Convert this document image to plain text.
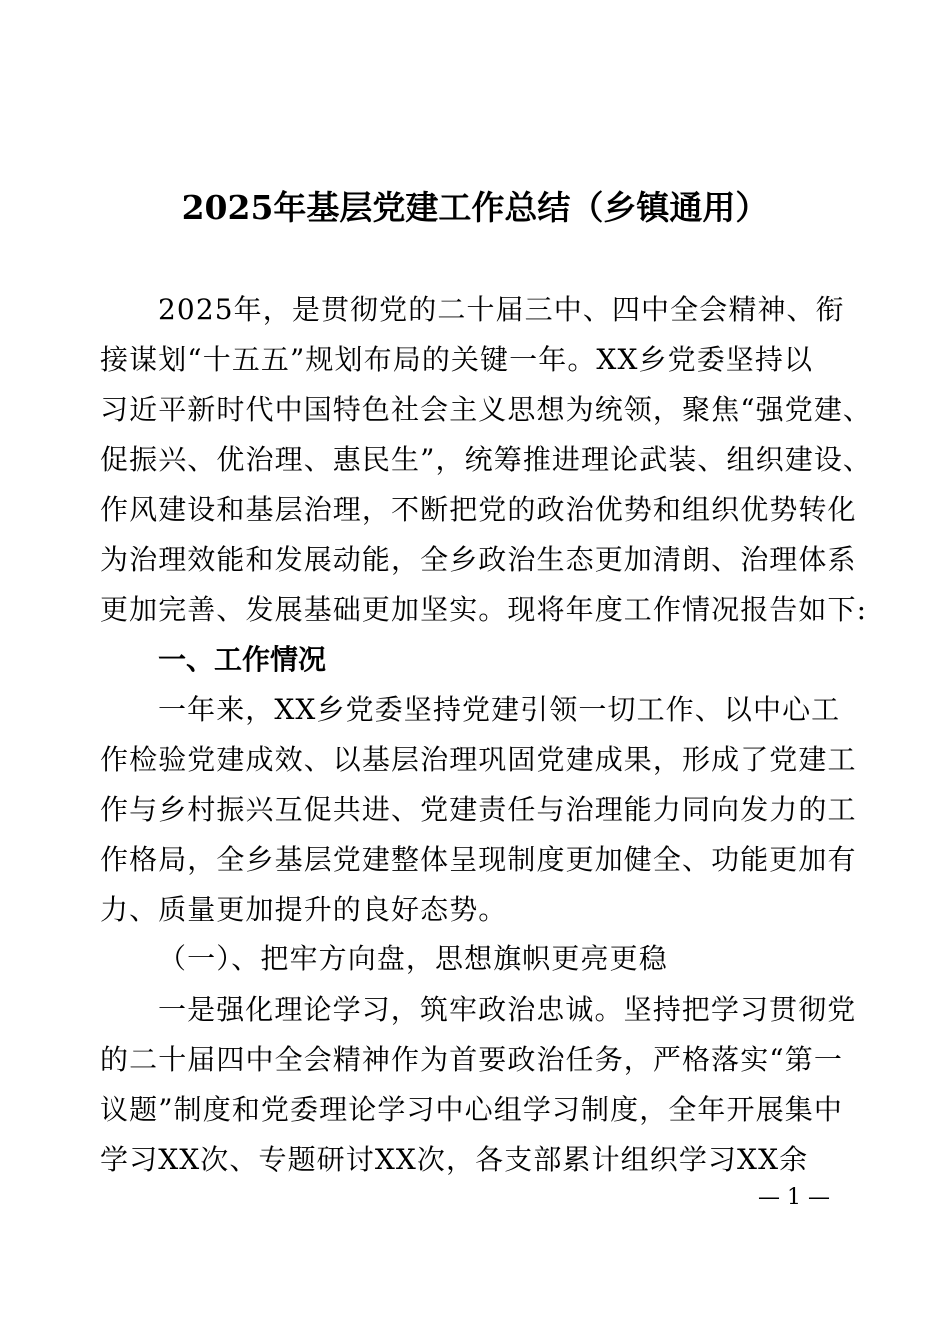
2025年基层党建工作总结（乡镇通用）
2025年，是贯彻党的二十届三中、四中全会精神、衔
接谋划“十五五”规划布局的关键一年。XX乡党委坚持以
习近平新时代中国特色社会主义思想为统领，聚焦“强党建、
促振兴、优治理、惠民生”，统筹推进理论武装、组织建设、
作风建设和基层治理，不断把党的政治优势和组织优势转化
为治理效能和发展动能，全乡政治生态更加清朗、治理体系
更加完善、发展基础更加坚实。现将年度工作情况报告如下:
一、工作情况
一年来，XX乡党委坚持党建引领一切工作、以中心工
作检验党建成效、以基层治理巩固党建成果，形成了党建工
作与乡村振兴互促共进、党建责任与治理能力同向发力的工
作格局，全乡基层党建整体呈现制度更加健全、功能更加有
力、质量更加提升的良好态势。
（一）、把牢方向盘，思想旗帜更亮更稳
一是强化理论学习，筑牢政治忠诚。坚持把学习贯彻党
的二十届四中全会精神作为首要政治任务，严格落实“第一
议题”制度和党委理论学习中心组学习制度，全年开展集中
学习XX次、专题研讨XX次，各支部累计组织学习XX余
— 1 —
